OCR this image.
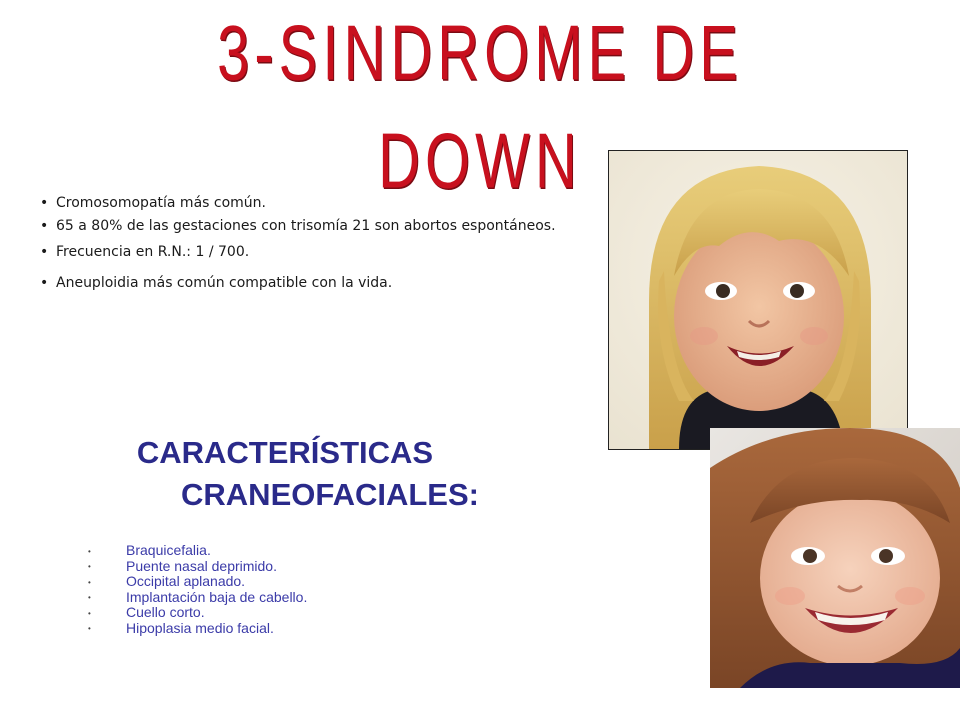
3-SINDROME DE DOWN
• Cromosomopatía más común.
• 65 a 80% de las gestaciones con trisomía 21 son abortos espontáneos.
• Frecuencia en R.N.: 1 / 700.
• Aneuploidia más común compatible con la vida.
CARACTERÍSTICAS
CRANEOFACIALES:
•	Braquicefalia.
•	Puente nasal deprimido.
•	Occipital aplanado.
•	Implantación baja de cabello.
•	Cuello corto.
•	Hipoplasia medio facial.
